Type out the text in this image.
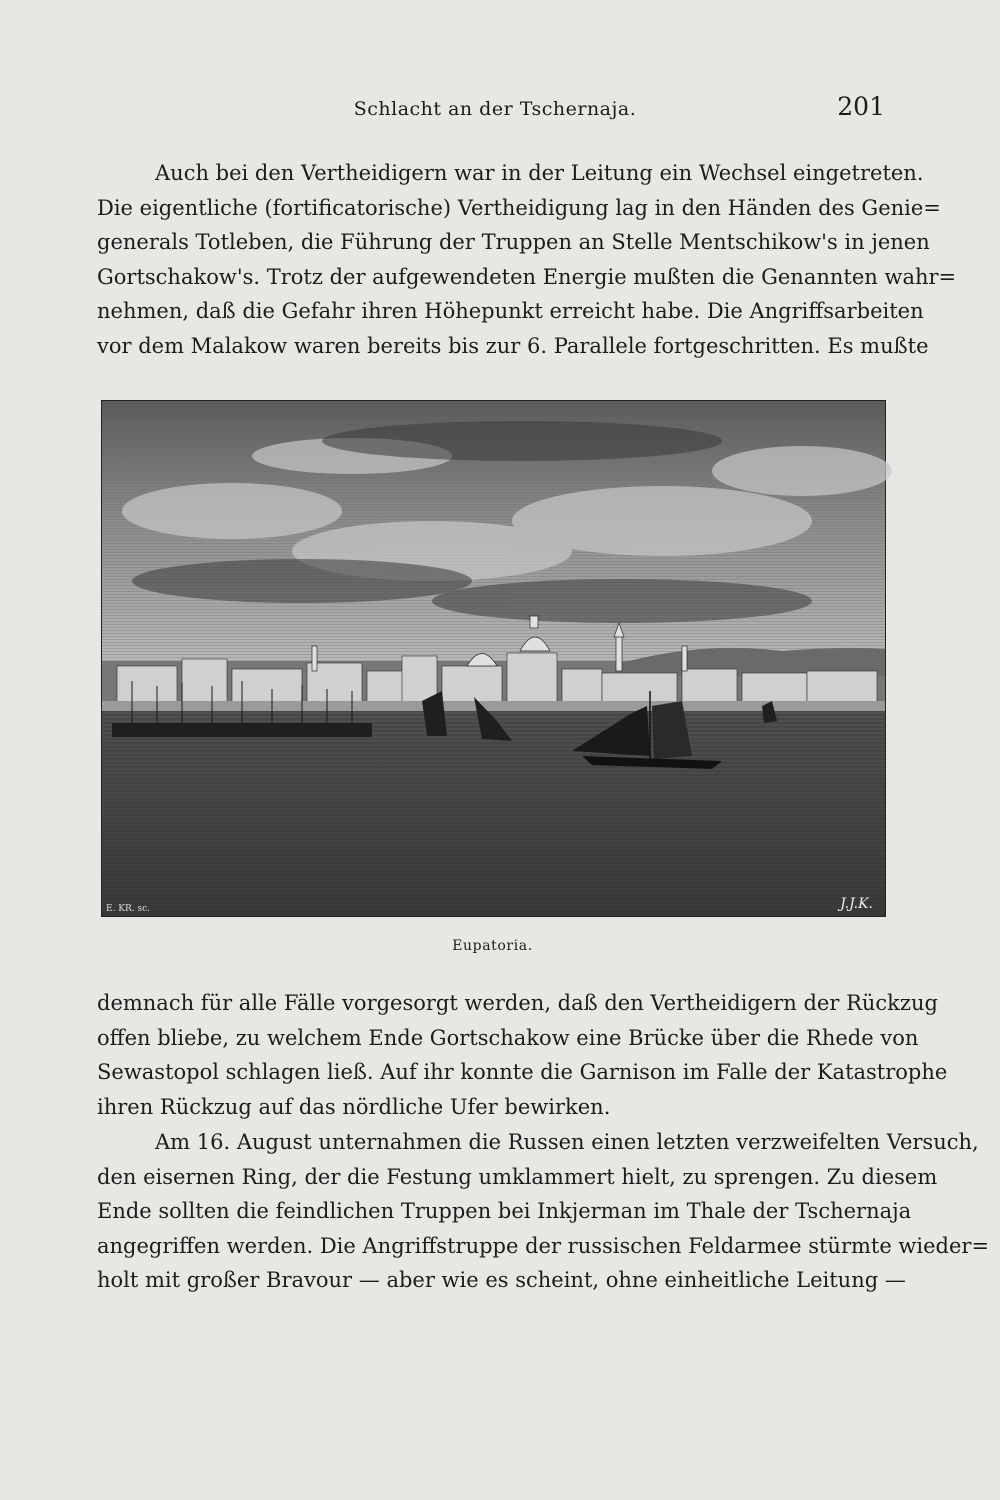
Schlacht an der Tschernaja.	201
Auch bei den Vertheidigern war in der Leitung ein Wechsel eingetreten.
Die eigentliche (fortificatorische) Vertheidigung lag in den Händen des Genie=
generals Totleben, die Führung der Truppen an Stelle Mentschikow's in jenen
Gortschakow's. Trotz der aufgewendeten Energie mußten die Genannten wahr=
nehmen, daß die Gefahr ihren Höhepunkt erreicht habe. Die Angriffsarbeiten
vor dem Malakow waren bereits bis zur 6. Parallele fortgeschritten. Es mußte
E. KR. sc.	J.J.K.
Eupatoria.
demnach für alle Fälle vorgesorgt werden, daß den Vertheidigern der Rückzug
offen bliebe, zu welchem Ende Gortschakow eine Brücke über die Rhede von
Sewastopol schlagen ließ. Auf ihr konnte die Garnison im Falle der Katastrophe
ihren Rückzug auf das nördliche Ufer bewirken.
Am 16. August unternahmen die Russen einen letzten verzweifelten Versuch,
den eisernen Ring, der die Festung umklammert hielt, zu sprengen. Zu diesem
Ende sollten die feindlichen Truppen bei Inkjerman im Thale der Tschernaja
angegriffen werden. Die Angriffstruppe der russischen Feldarmee stürmte wieder=
holt mit großer Bravour — aber wie es scheint, ohne einheitliche Leitung —
